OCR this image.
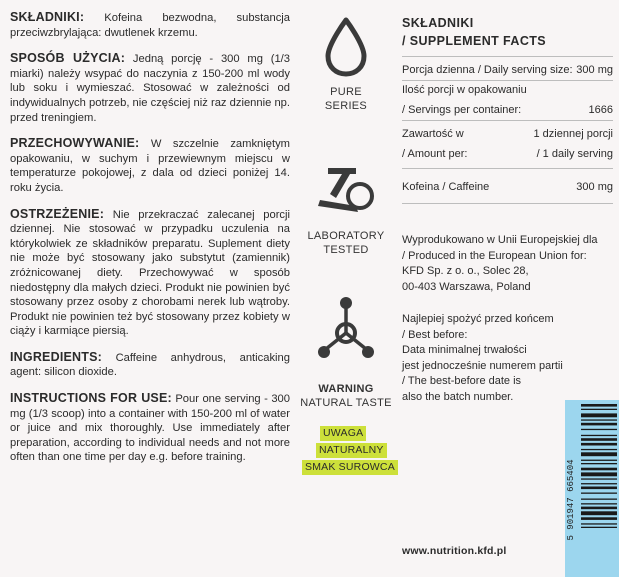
SKŁADNIKI: Kofeina bezwodna, substancja przeciwzbrylająca: dwutlenek krzemu.

SPOSÓB UŻYCIA: Jedną porcję - 300 mg (1/3 miarki) należy wsypać do naczynia z 150-200 ml wody lub soku i wymieszać. Stosować w zależności od indywidualnych potrzeb, nie częściej niż raz dziennie np. przed treningiem.

PRZECHOWYWANIE: W szczelnie zamkniętym opakowaniu, w suchym i przewiewnym miejscu w temperaturze pokojowej, z dala od dzieci poniżej 14. roku życia.

OSTRZEŻENIE: Nie przekraczać zalecanej porcji dziennej. Nie stosować w przypadku uczulenia na którykolwiek ze składników preparatu. Suplement diety nie może być stosowany jako substytut (zamiennik) zróżnicowanej diety. Przechowywać w sposób niedostępny dla małych dzieci. Produkt nie powinien być stosowany przez osoby z chorobami nerek lub wątroby. Produkt nie powinien też być stosowany przez kobiety w ciąży i karmiące piersią.

INGREDIENTS: Caffeine anhydrous, anticaking agent: silicon dioxide.

INSTRUCTIONS FOR USE: Pour one serving - 300 mg (1/3 scoop) into a container with 150-200 ml of water or juice and mix thoroughly. Use immediately after preparation, according to individual needs and not more often than one time per day e.g. before training.

PURE
SERIES
LABORATORY
TESTED
WARNING
NATURAL TASTE
UWAGA
NATURALNY
SMAK SUROWCA
SKŁADNIKI
/ SUPPLEMENT FACTS
Porcja dzienna / Daily serving size: 300 mg
Ilość porcji w opakowaniu
/ Servings per container:	1666
Zawartość w	1 dziennej porcji
/ Amount per:	/ 1 daily serving
Kofeina / Caffeine	300 mg
Wyprodukowano w Unii Europejskiej dla
/ Produced in the European Union for:
KFD Sp. z o. o., Solec 28,
00-403 Warszawa, Poland
Najlepiej spożyć przed końcem
/ Best before:
Data minimalnej trwałości
jest jednocześnie numerem partii
/ The best-before date is
also the batch number.
www.nutrition.kfd.pl
5 901947 665404
